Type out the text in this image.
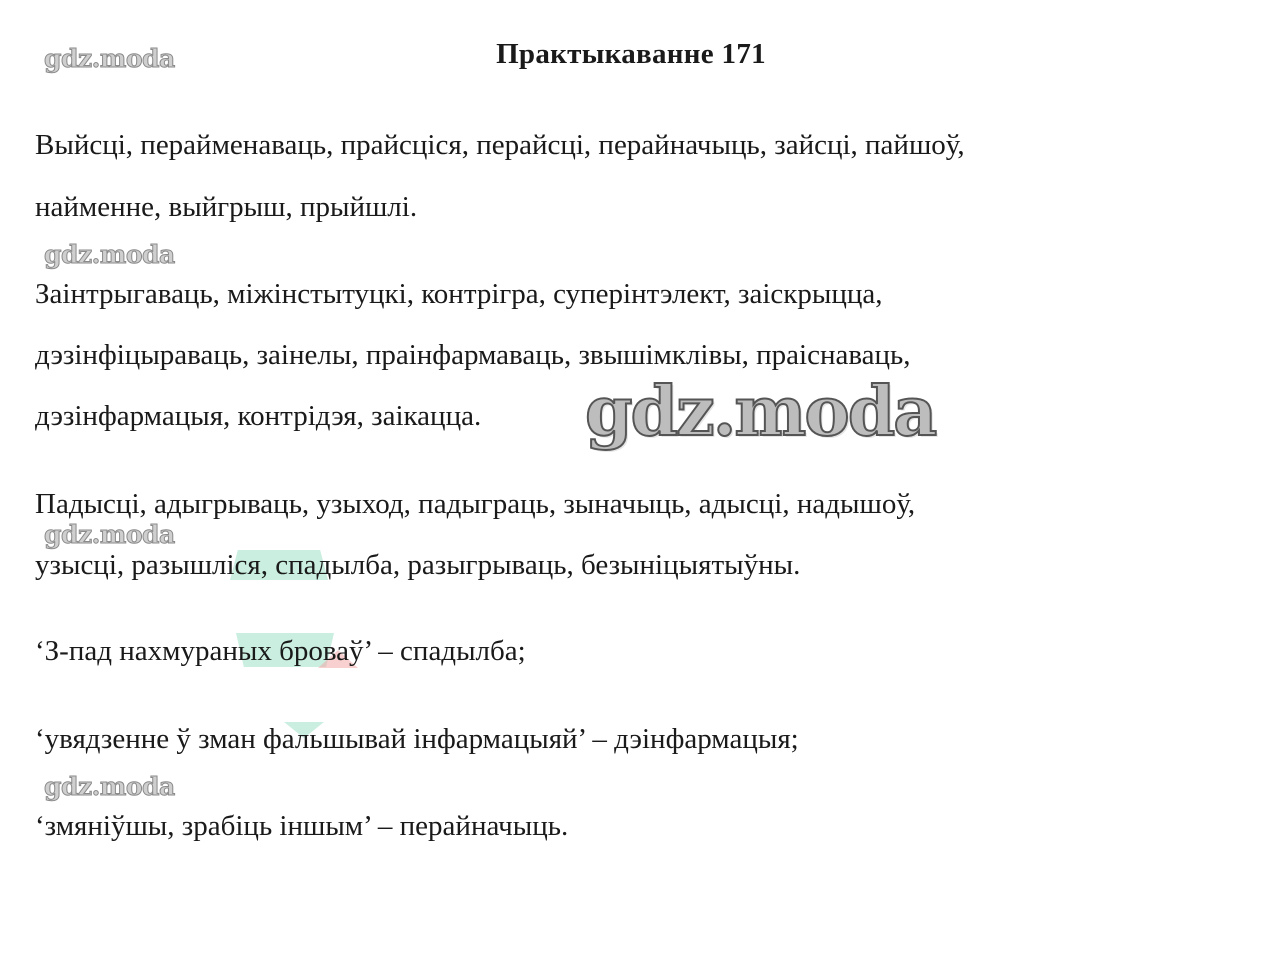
Практыкаванне 171
gdz.moda
gdz.moda
gdz.moda
gdz.moda
Выйсці, перайменаваць, прайсціся, перайсці, перайначыць, зайсці, пайшоў,
найменне, выйгрыш, прыйшлі.
Заінтрыгаваць, міжінстытуцкі, контрігра, суперінтэлект, заіскрыцца,
дэзінфіцыраваць, заінелы, праінфармаваць, звышімклівы, праіснаваць,
дэзінфармацыя, контрідэя, заікацца.
Падысці, адыгрываць, узыход, падыграць, зыначыць, адысці, надышоў,
узысці, разышліся, спадылба, разыгрываць, безыніцыятыўны.
‘З-пад нахмураных броваў’ – спадылба;
‘увядзенне ў зман фальшывай інфармацыяй’ – дэінфармацыя;
‘змяніўшы, зрабіць іншым’ – перайначыць.
gdz.moda
